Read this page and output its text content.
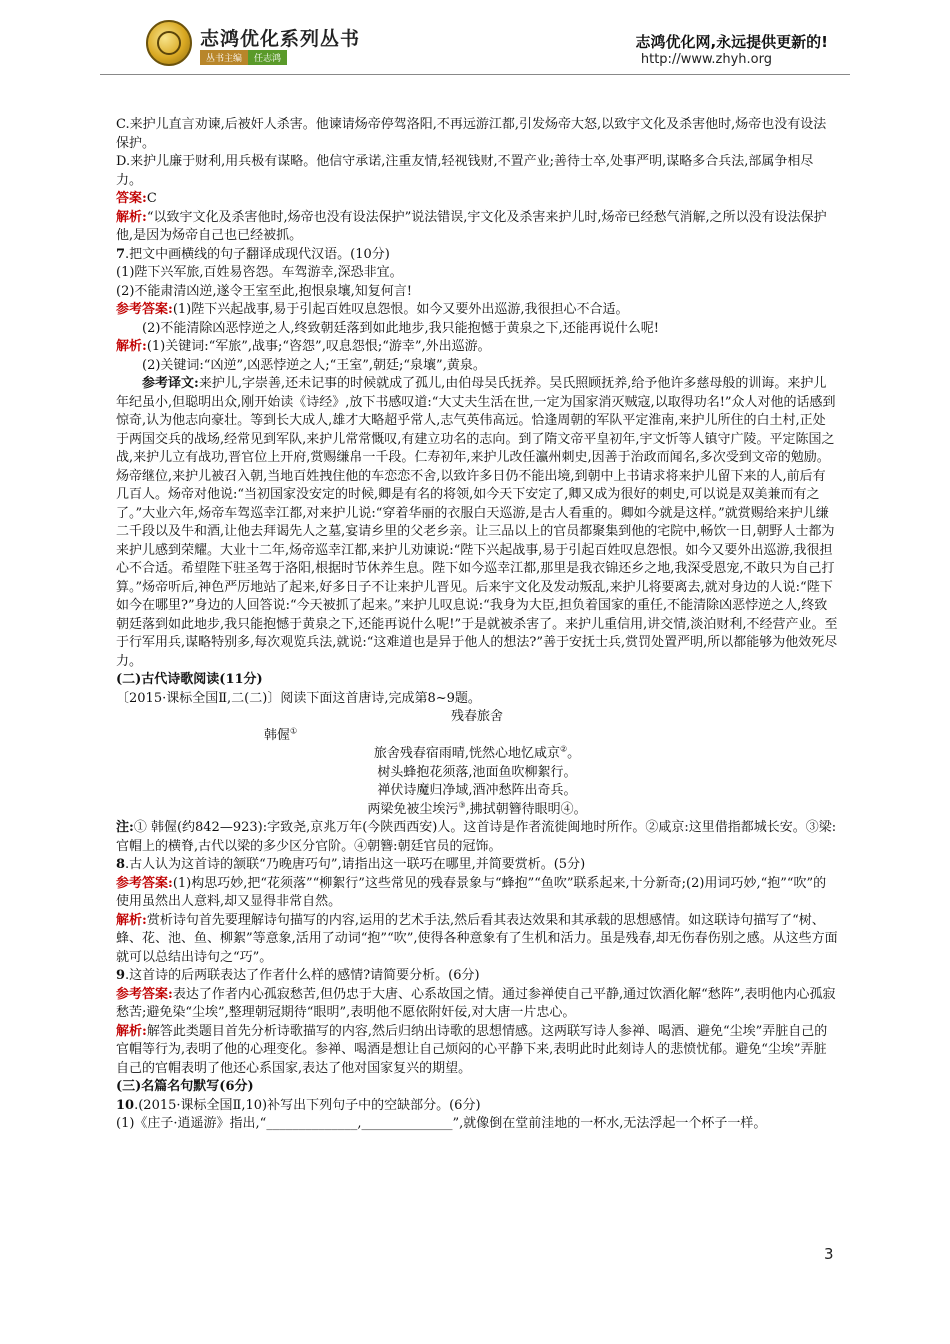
志鸿优化系列丛书
丛书主编	任志鸿
志鸿优化网,永远提供更新的!
http://www.zhyh.org

C.来护儿直言劝谏,后被奸人杀害。他谏请炀帝停驾洛阳,不再远游江都,引发炀帝大怒,以致宇文化及杀害他时,炀帝也没有设法保护。

D.来护儿廉于财利,用兵极有谋略。他信守承诺,注重友情,轻视钱财,不置产业;善待士卒,处事严明,谋略多合兵法,部属争相尽力。

答案:C

解析:“以致宇文化及杀害他时,炀帝也没有设法保护”说法错误,宇文化及杀害来护儿时,炀帝已经愁气消解,之所以没有设法保护他,是因为炀帝自己也已经被抓。

7.把文中画横线的句子翻译成现代汉语。(10分)

(1)陛下兴军旅,百姓易咨怨。车驾游幸,深恐非宜。

(2)不能肃清凶逆,遂令王室至此,抱恨泉壤,知复何言!

参考答案:(1)陛下兴起战事,易于引起百姓叹息怨恨。如今又要外出巡游,我很担心不合适。

(2)不能清除凶恶悖逆之人,终致朝廷落到如此地步,我只能抱憾于黄泉之下,还能再说什么呢!

解析:(1)关键词:“军旅”,战事;“咨怨”,叹息怨恨;“游幸”,外出巡游。

(2)关键词:“凶逆”,凶恶悖逆之人;“王室”,朝廷;“泉壤”,黄泉。

参考译文:来护儿,字崇善,还未记事的时候就成了孤儿,由伯母吴氏抚养。吴氏照顾抚养,给予他许多慈母般的训诲。来护儿年纪虽小,但聪明出众,刚开始读《诗经》,放下书感叹道:“大丈夫生活在世,一定为国家消灭贼寇,以取得功名!”众人对他的话感到惊奇,认为他志向豪壮。等到长大成人,雄才大略超乎常人,志气英伟高远。恰逢周朝的军队平定淮南,来护儿所住的白土村,正处于两国交兵的战场,经常见到军队,来护儿常常慨叹,有建立功名的志向。到了隋文帝平皇初年,宇文忻等人镇守广陵。平定陈国之战,来护儿立有战功,晋官位上开府,赏赐缣帛一千段。仁寿初年,来护儿改任瀛州刺史,因善于治政而闻名,多次受到文帝的勉励。炀帝继位,来护儿被召入朝,当地百姓拽住他的车恋恋不舍,以致许多日仍不能出境,到朝中上书请求将来护儿留下来的人,前后有几百人。炀帝对他说:“当初国家没安定的时候,卿是有名的将领,如今天下安定了,卿又成为很好的刺史,可以说是双美兼而有之了。”大业六年,炀帝车驾巡幸江都,对来护儿说:“穿着华丽的衣服白天巡游,是古人看重的。卿如今就是这样。”就赏赐给来护儿缣二千段以及牛和酒,让他去拜谒先人之墓,宴请乡里的父老乡亲。让三品以上的官员都聚集到他的宅院中,畅饮一日,朝野人士都为来护儿感到荣耀。大业十二年,炀帝巡幸江都,来护儿劝谏说:“陛下兴起战事,易于引起百姓叹息怨恨。如今又要外出巡游,我很担心不合适。希望陛下驻圣驾于洛阳,根据时节休养生息。陛下如今巡幸江都,那里是我衣锦还乡之地,我深受恩宠,不敢只为自己打算。”炀帝听后,神色严厉地站了起来,好多日子不让来护儿晋见。后来宇文化及发动叛乱,来护儿将要离去,就对身边的人说:“陛下如今在哪里?”身边的人回答说:“今天被抓了起来。”来护儿叹息说:“我身为大臣,担负着国家的重任,不能清除凶恶悖逆之人,终致朝廷落到如此地步,我只能抱憾于黄泉之下,还能再说什么呢!”于是就被杀害了。来护儿重信用,讲交情,淡泊财利,不经营产业。至于行军用兵,谋略特别多,每次观览兵法,就说:“这难道也是异于他人的想法?”善于安抚士兵,赏罚处置严明,所以都能够为他效死尽力。

(二)古代诗歌阅读(11分)

〔2015·课标全国Ⅱ,二(二)〕阅读下面这首唐诗,完成第8~9题。

残春旅舍

韩偓①

旅舍残春宿雨晴,恍然心地忆咸京②。

树头蜂抱花须落,池面鱼吹柳絮行。

禅伏诗魔归净域,酒冲愁阵出奇兵。

两梁免被尘埃污③,拂拭朝簪待眼明④。

注:① 韩偓(约842—923):字致尧,京兆万年(今陕西西安)人。这首诗是作者流徙闽地时所作。②咸京:这里借指都城长安。③梁:官帽上的横脊,古代以梁的多少区分官阶。④朝簪:朝廷官员的冠饰。

8.古人认为这首诗的颔联“乃晚唐巧句”,请指出这一联巧在哪里,并简要赏析。(5分)

参考答案:(1)构思巧妙,把“花须落”“柳絮行”这些常见的残春景象与“蜂抱”“鱼吹”联系起来,十分新奇;(2)用词巧妙,“抱”“吹”的使用虽然出人意料,却又显得非常自然。

解析:赏析诗句首先要理解诗句描写的内容,运用的艺术手法,然后看其表达效果和其承载的思想感情。如这联诗句描写了“树、蜂、花、池、鱼、柳絮”等意象,活用了动词“抱”“吹”,使得各种意象有了生机和活力。虽是残春,却无伤春伤别之感。从这些方面就可以总结出诗句之“巧”。

9.这首诗的后两联表达了作者什么样的感情?请简要分析。(6分)

参考答案:表达了作者内心孤寂愁苦,但仍忠于大唐、心系故国之情。通过参禅使自己平静,通过饮酒化解“愁阵”,表明他内心孤寂愁苦;避免染“尘埃”,整理朝冠期待“眼明”,表明他不愿依附奸佞,对大唐一片忠心。

解析:解答此类题目首先分析诗歌描写的内容,然后归纳出诗歌的思想情感。这两联写诗人参禅、喝酒、避免“尘埃”弄脏自己的官帽等行为,表明了他的心理变化。参禅、喝酒是想让自己烦闷的心平静下来,表明此时此刻诗人的悲愤忧郁。避免“尘埃”弄脏自己的官帽表明了他还心系国家,表达了他对国家复兴的期望。

(三)名篇名句默写(6分)

10.(2015·课标全国Ⅱ,10)补写出下列句子中的空缺部分。(6分)

(1)《庄子·逍遥游》指出,“______________,______________”,就像倒在堂前洼地的一杯水,无法浮起一个杯子一样。

3
